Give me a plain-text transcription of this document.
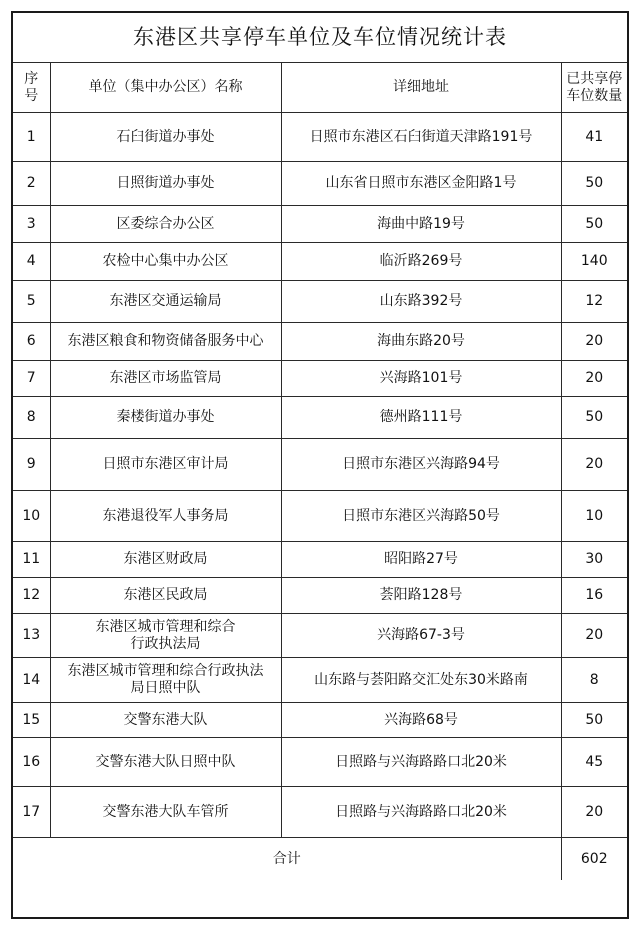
东港区共享停车单位及车位情况统计表			
序号	单位（集中办公区）名称	详细地址	已共享停车位数量
1	石臼街道办事处	日照市东港区石臼街道天津路191号	41
2	日照街道办事处	山东省日照市东港区金阳路1号	50
3	区委综合办公区	海曲中路19号	50
4	农检中心集中办公区	临沂路269号	140
5	东港区交通运输局	山东路392号	12
6	东港区粮食和物资储备服务中心	海曲东路20号	20
7	东港区市场监管局	兴海路101号	20
8	秦楼街道办事处	德州路111号	50
9	日照市东港区审计局	日照市东港区兴海路94号	20
10	东港退役军人事务局	日照市东港区兴海路50号	10
11	东港区财政局	昭阳路27号	30
12	东港区民政局	荟阳路128号	16
13	东港区城市管理和综合行政执法局	兴海路67-3号	20
14	东港区城市管理和综合行政执法局日照中队	山东路与荟阳路交汇处东30米路南	8
15	交警东港大队	兴海路68号	50
16	交警东港大队日照中队	日照路与兴海路路口北20米	45
17	交警东港大队车管所	日照路与兴海路路口北20米	20
合计			602
